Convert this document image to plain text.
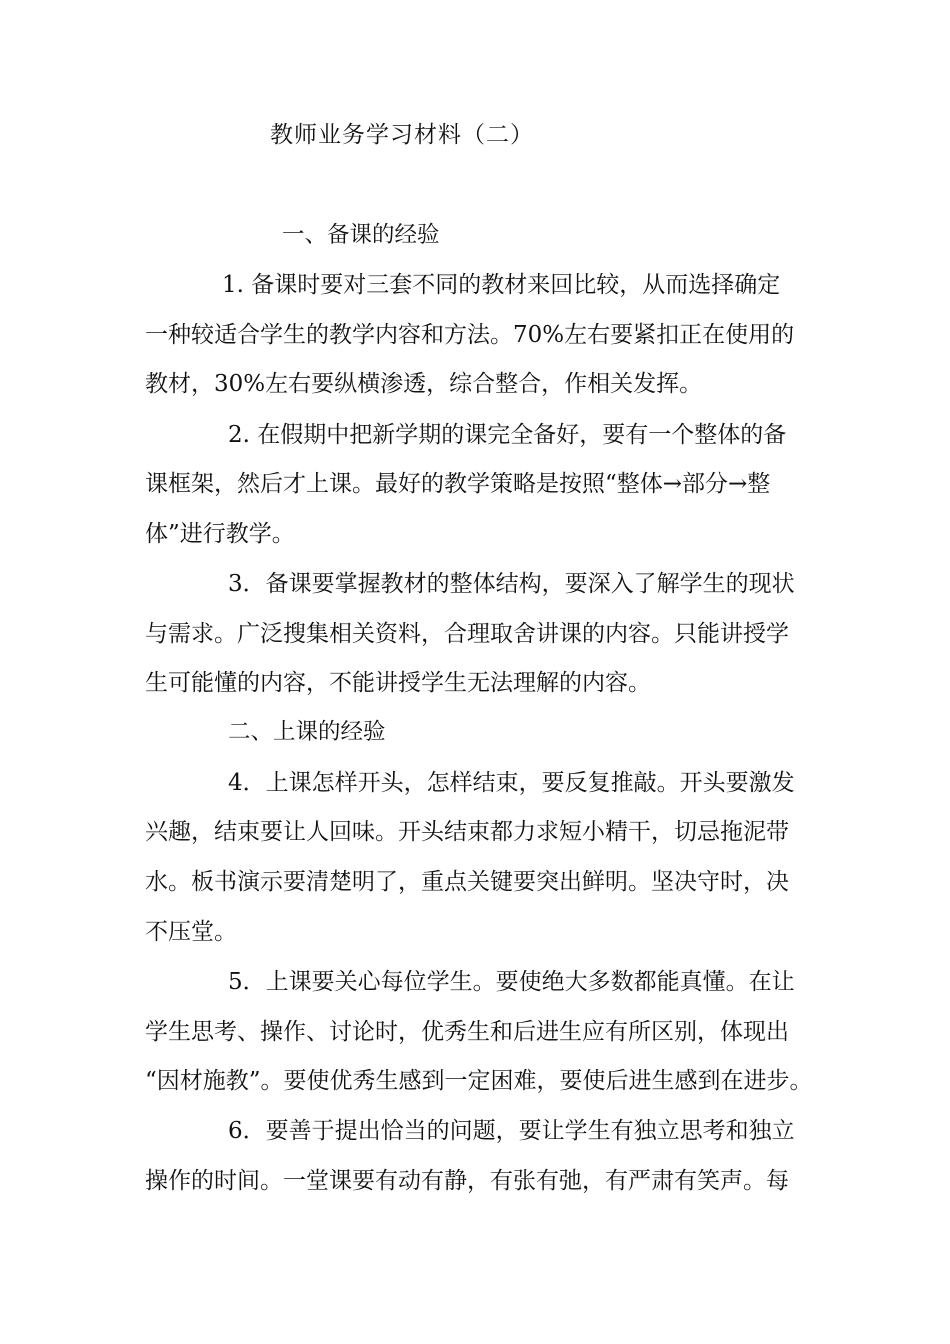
教师业务学习材料（二）
一、备课的经验
1. 备课时要对三套不同的教材来回比较，从而选择确定
一种较适合学生的教学内容和方法。70%左右要紧扣正在使用的
教材，30%左右要纵横渗透，综合整合，作相关发挥。
2. 在假期中把新学期的课完全备好，要有一个整体的备
课框架，然后才上课。最好的教学策略是按照“整体→部分→整
体”进行教学。
3．备课要掌握教材的整体结构，要深入了解学生的现状
与需求。广泛搜集相关资料，合理取舍讲课的内容。只能讲授学
生可能懂的内容，不能讲授学生无法理解的内容。
二、上课的经验
4．上课怎样开头，怎样结束，要反复推敲。开头要激发
兴趣，结束要让人回味。开头结束都力求短小精干，切忌拖泥带
水。板书演示要清楚明了，重点关键要突出鲜明。坚决守时，决
不压堂。
5．上课要关心每位学生。要使绝大多数都能真懂。在让
学生思考、操作、讨论时，优秀生和后进生应有所区别，体现出
“因材施教”。要使优秀生感到一定困难，要使后进生感到在进步。
6．要善于提出恰当的问题，要让学生有独立思考和独立
操作的时间。一堂课要有动有静，有张有弛，有严肃有笑声。每
